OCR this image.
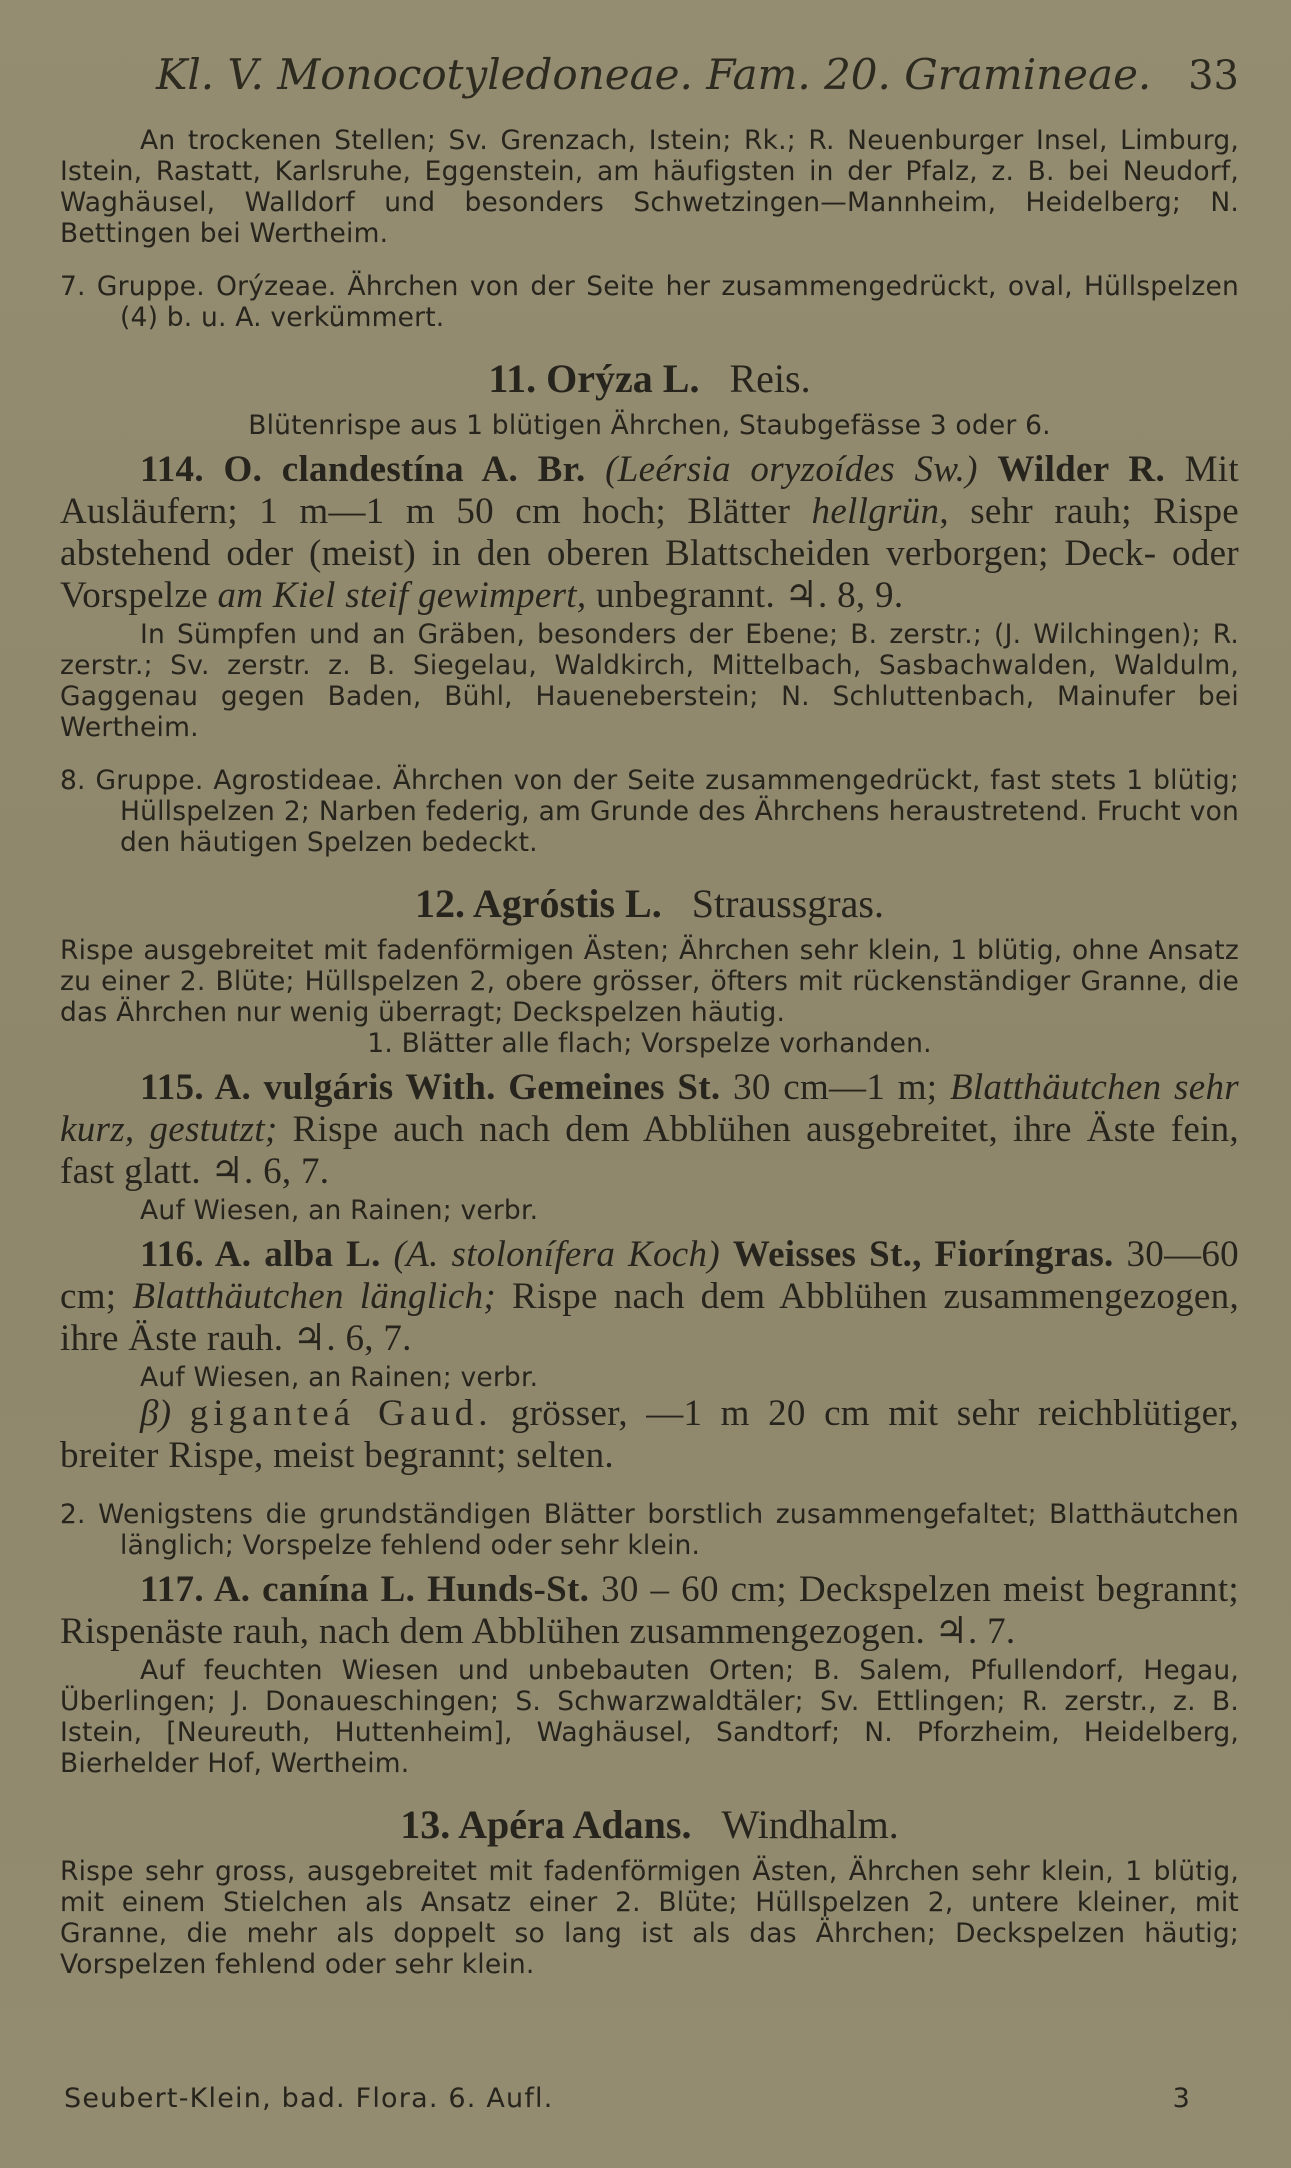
Kl. V. Monocotyledoneae. Fam. 20. Gramineae. 33

An trockenen Stellen; Sv. Grenzach, Istein; Rk.; R. Neuenburger Insel, Limburg, Istein, Rastatt, Karlsruhe, Eggenstein, am häufigsten in der Pfalz, z. B. bei Neudorf, Waghäusel, Walldorf und besonders Schwetzingen—Mannheim, Heidelberg; N. Bettingen bei Wertheim.

7. Gruppe. Orýzeae. Ährchen von der Seite her zusammengedrückt, oval, Hüllspelzen (4) b. u. A. verkümmert.

11. Orýza L. Reis.

Blütenrispe aus 1 blütigen Ährchen, Staubgefässe 3 oder 6.

114. O. clandestína A. Br. (Leérsia oryzoídes Sw.) Wilder R. Mit Ausläufern; 1 m—1 m 50 cm hoch; Blätter hellgrün, sehr rauh; Rispe abstehend oder (meist) in den oberen Blattscheiden verborgen; Deck- oder Vorspelze am Kiel steif gewimpert, unbegrannt. ♃. 8, 9.

In Sümpfen und an Gräben, besonders der Ebene; B. zerstr.; (J. Wilchingen); R. zerstr.; Sv. zerstr. z. B. Siegelau, Waldkirch, Mittelbach, Sasbachwalden, Waldulm, Gaggenau gegen Baden, Bühl, Haueneberstein; N. Schluttenbach, Mainufer bei Wertheim.

8. Gruppe. Agrostideae. Ährchen von der Seite zusammengedrückt, fast stets 1 blütig; Hüllspelzen 2; Narben federig, am Grunde des Ährchens heraustretend. Frucht von den häutigen Spelzen bedeckt.

12. Agróstis L. Straussgras.

Rispe ausgebreitet mit fadenförmigen Ästen; Ährchen sehr klein, 1 blütig, ohne Ansatz zu einer 2. Blüte; Hüllspelzen 2, obere grösser, öfters mit rückenständiger Granne, die das Ährchen nur wenig überragt; Deckspelzen häutig.

1. Blätter alle flach; Vorspelze vorhanden.

115. A. vulgáris With. Gemeines St. 30 cm—1 m; Blatthäutchen sehr kurz, gestutzt; Rispe auch nach dem Abblühen ausgebreitet, ihre Äste fein, fast glatt. ♃. 6, 7.

Auf Wiesen, an Rainen; verbr.

116. A. alba L. (A. stolonífera Koch) Weisses St., Fioríngras. 30—60 cm; Blatthäutchen länglich; Rispe nach dem Abblühen zusammengezogen, ihre Äste rauh. ♃. 6, 7.

Auf Wiesen, an Rainen; verbr.

β) giganteá Gaud. grösser, —1 m 20 cm mit sehr reichblütiger, breiter Rispe, meist begrannt; selten.

2. Wenigstens die grundständigen Blätter borstlich zusammengefaltet; Blatthäutchen länglich; Vorspelze fehlend oder sehr klein.

117. A. canína L. Hunds-St. 30 – 60 cm; Deckspelzen meist begrannt; Rispenäste rauh, nach dem Abblühen zusammengezogen. ♃. 7.

Auf feuchten Wiesen und unbebauten Orten; B. Salem, Pfullendorf, Hegau, Überlingen; J. Donaueschingen; S. Schwarzwaldtäler; Sv. Ettlingen; R. zerstr., z. B. Istein, [Neureuth, Huttenheim], Waghäusel, Sandtorf; N. Pforzheim, Heidelberg, Bierhelder Hof, Wertheim.

13. Apéra Adans. Windhalm.

Rispe sehr gross, ausgebreitet mit fadenförmigen Ästen, Ährchen sehr klein, 1 blütig, mit einem Stielchen als Ansatz einer 2. Blüte; Hüllspelzen 2, untere kleiner, mit Granne, die mehr als doppelt so lang ist als das Ährchen; Deckspelzen häutig; Vorspelzen fehlend oder sehr klein.

Seubert-Klein, bad. Flora. 6. Aufl.	3
